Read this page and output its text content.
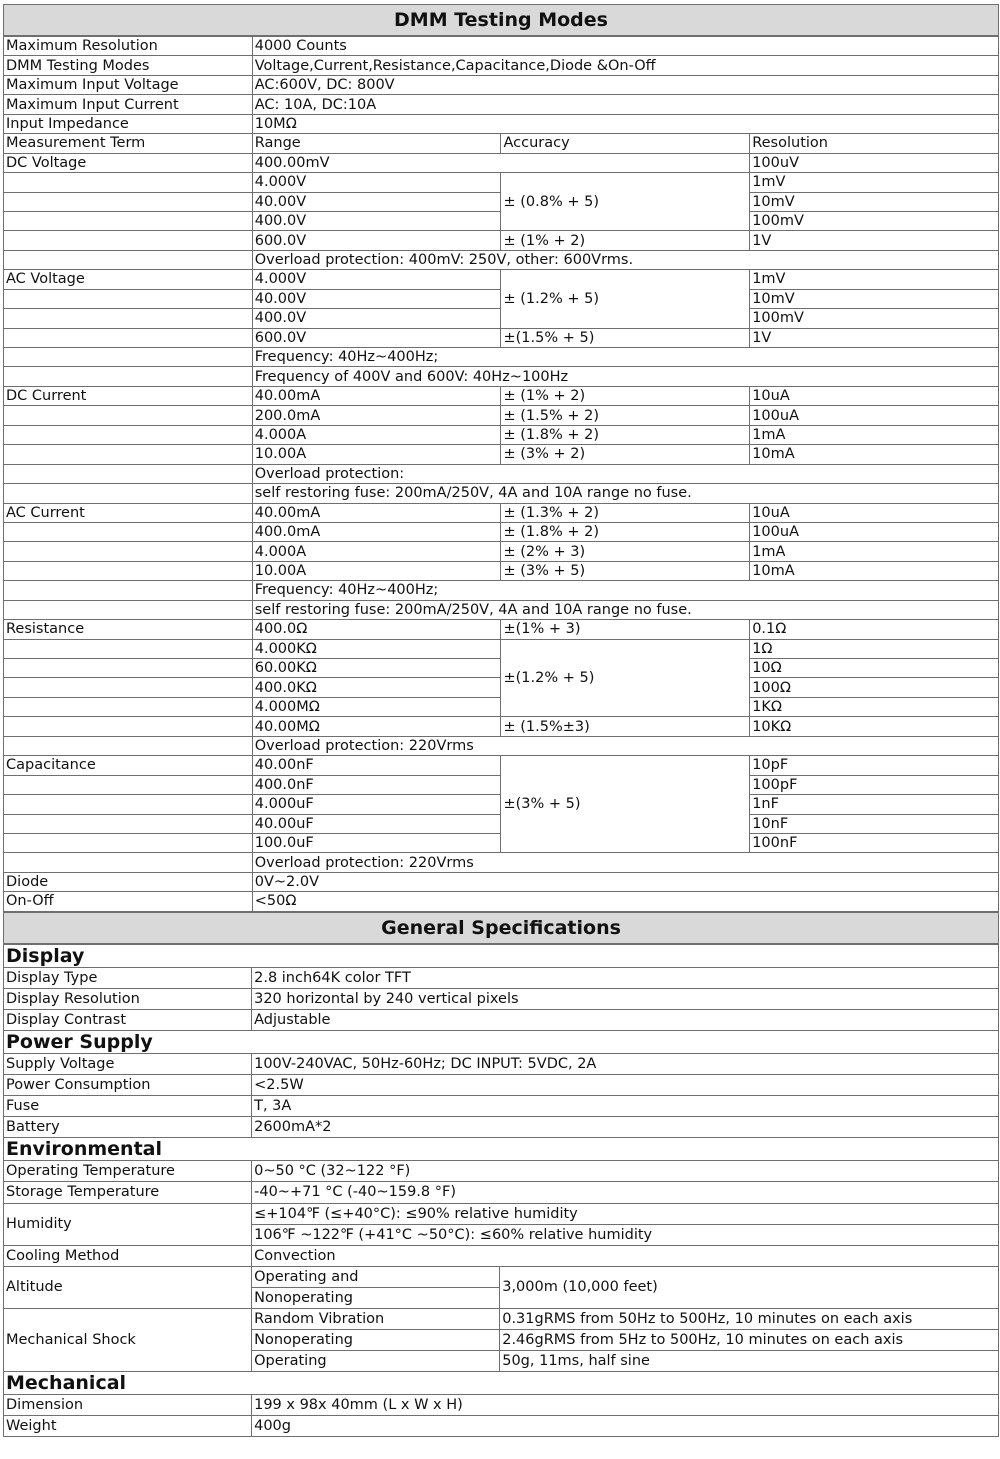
DMM Testing Modes
Maximum Resolution	4000 Counts		
DMM Testing Modes	Voltage,Current,Resistance,Capacitance,Diode &On-Off		
Maximum Input Voltage	AC:600V, DC: 800V		
Maximum Input Current	AC: 10A, DC:10A		
Input Impedance	10MΩ		
Measurement Term	Range	Accuracy	Resolution
DC Voltage	400.00mV		100uV
	4.000V	± (0.8% + 5)	1mV
	40.00V		10mV
	400.0V		100mV
	600.0V	± (1% + 2)	1V
	Overload protection: 400mV: 250V, other: 600Vrms.		
AC Voltage	4.000V	± (1.2% + 5)	1mV
	40.00V		10mV
	400.0V		100mV
	600.0V	±(1.5% + 5)	1V
	Frequency: 40Hz~400Hz;		
	Frequency of 400V and 600V: 40Hz~100Hz		
DC Current	40.00mA	± (1% + 2)	10uA
	200.0mA	± (1.5% + 2)	100uA
	4.000A	± (1.8% + 2)	1mA
	10.00A	± (3% + 2)	10mA
	Overload protection:		
	self restoring fuse: 200mA/250V, 4A and 10A range no fuse.		
AC Current	40.00mA	± (1.3% + 2)	10uA
	400.0mA	± (1.8% + 2)	100uA
	4.000A	± (2% + 3)	1mA
	10.00A	± (3% + 5)	10mA
	Frequency: 40Hz~400Hz;		
	self restoring fuse: 200mA/250V, 4A and 10A range no fuse.		
Resistance	400.0Ω	±(1% + 3)	0.1Ω
	4.000KΩ	±(1.2% + 5)	1Ω
	60.00KΩ		10Ω
	400.0KΩ		100Ω
	4.000MΩ		1KΩ
	40.00MΩ	± (1.5%±3)	10KΩ
	Overload protection: 220Vrms		
Capacitance	40.00nF	±(3% + 5)	10pF
	400.0nF		100pF
	4.000uF		1nF
	40.00uF		10nF
	100.0uF		100nF
	Overload protection: 220Vrms		
Diode	0V~2.0V		
On-Off	<50Ω		
General Specifications
Display		
Display Type	2.8 inch64K color TFT	
Display Resolution	320 horizontal by 240 vertical pixels	
Display Contrast	Adjustable	
Power Supply		
Supply Voltage	100V-240VAC, 50Hz-60Hz; DC INPUT: 5VDC, 2A	
Power Consumption	<2.5W	
Fuse	T, 3A	
Battery	2600mA*2	
Environmental		
Operating Temperature	0~50 °C (32~122 °F)	
Storage Temperature	-40~+71 °C (-40~159.8 °F)	
Humidity	≤+104℉ (≤+40°C): ≤90% relative humidity	
	106℉ ~122℉ (+41°C ~50°C): ≤60% relative humidity	
Cooling Method	Convection	
Altitude	Operating and	3,000m (10,000 feet)
	Nonoperating	
Mechanical Shock	Random Vibration	0.31gRMS from 50Hz to 500Hz, 10 minutes on each axis
	Nonoperating	2.46gRMS from 5Hz to 500Hz, 10 minutes on each axis
	Operating	50g, 11ms, half sine
Mechanical		
Dimension	199 x 98x 40mm (L x W x H)	
Weight	400g	
